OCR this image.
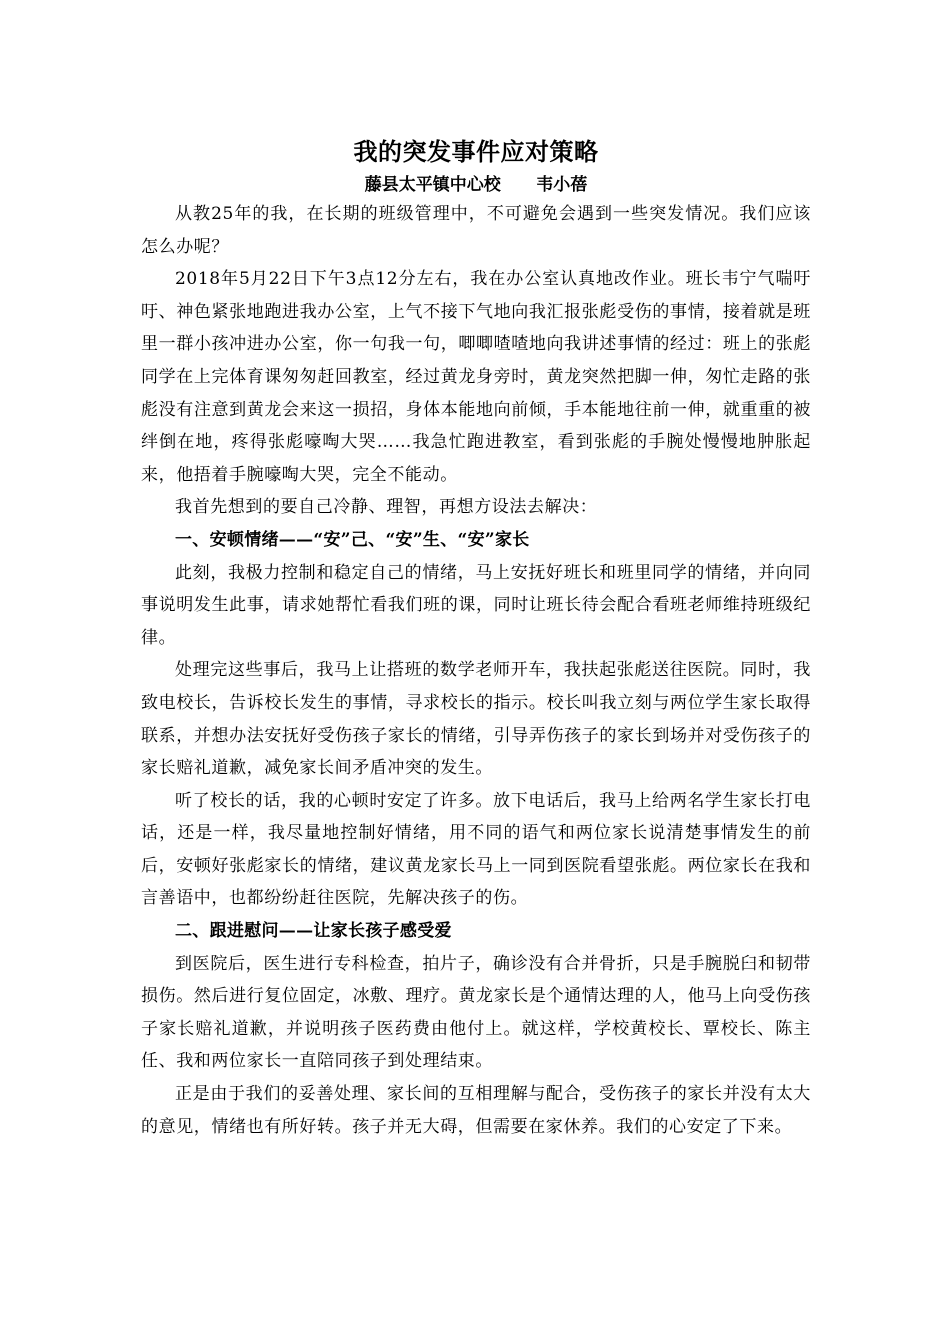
我的突发事件应对策略
藤县太平镇中心校      韦小蓓

从教25年的我，在长期的班级管理中，不可避免会遇到一些突发情况。我们应该怎么办呢？

2018年5月22日下午3点12分左右，我在办公室认真地改作业。班长韦宁气喘吁吁、神色紧张地跑进我办公室，上气不接下气地向我汇报张彪受伤的事情，接着就是班里一群小孩冲进办公室，你一句我一句，唧唧喳喳地向我讲述事情的经过：班上的张彪同学在上完体育课匆匆赶回教室，经过黄龙身旁时，黄龙突然把脚一伸，匆忙走路的张彪没有注意到黄龙会来这一损招，身体本能地向前倾，手本能地往前一伸，就重重的被绊倒在地，疼得张彪嚎啕大哭……我急忙跑进教室，看到张彪的手腕处慢慢地肿胀起来，他捂着手腕嚎啕大哭，完全不能动。

我首先想到的要自己冷静、理智，再想方设法去解决：

一、安顿情绪——“安”己、“安”生、“安”家长

此刻，我极力控制和稳定自己的情绪，马上安抚好班长和班里同学的情绪，并向同事说明发生此事，请求她帮忙看我们班的课，同时让班长待会配合看班老师维持班级纪律。

处理完这些事后，我马上让搭班的数学老师开车，我扶起张彪送往医院。同时，我致电校长，告诉校长发生的事情，寻求校长的指示。校长叫我立刻与两位学生家长取得联系，并想办法安抚好受伤孩子家长的情绪，引导弄伤孩子的家长到场并对受伤孩子的家长赔礼道歉，减免家长间矛盾冲突的发生。

听了校长的话，我的心顿时安定了许多。放下电话后，我马上给两名学生家长打电话，还是一样，我尽量地控制好情绪，用不同的语气和两位家长说清楚事情发生的前后，安顿好张彪家长的情绪，建议黄龙家长马上一同到医院看望张彪。两位家长在我和言善语中，也都纷纷赶往医院，先解决孩子的伤。

二、跟进慰问——让家长孩子感受爱

到医院后，医生进行专科检查，拍片子，确诊没有合并骨折，只是手腕脱臼和韧带损伤。然后进行复位固定，冰敷、理疗。黄龙家长是个通情达理的人，他马上向受伤孩子家长赔礼道歉，并说明孩子医药费由他付上。就这样，学校黄校长、覃校长、陈主任、我和两位家长一直陪同孩子到处理结束。

正是由于我们的妥善处理、家长间的互相理解与配合，受伤孩子的家长并没有太大的意见，情绪也有所好转。孩子并无大碍，但需要在家休养。我们的心安定了下来。
